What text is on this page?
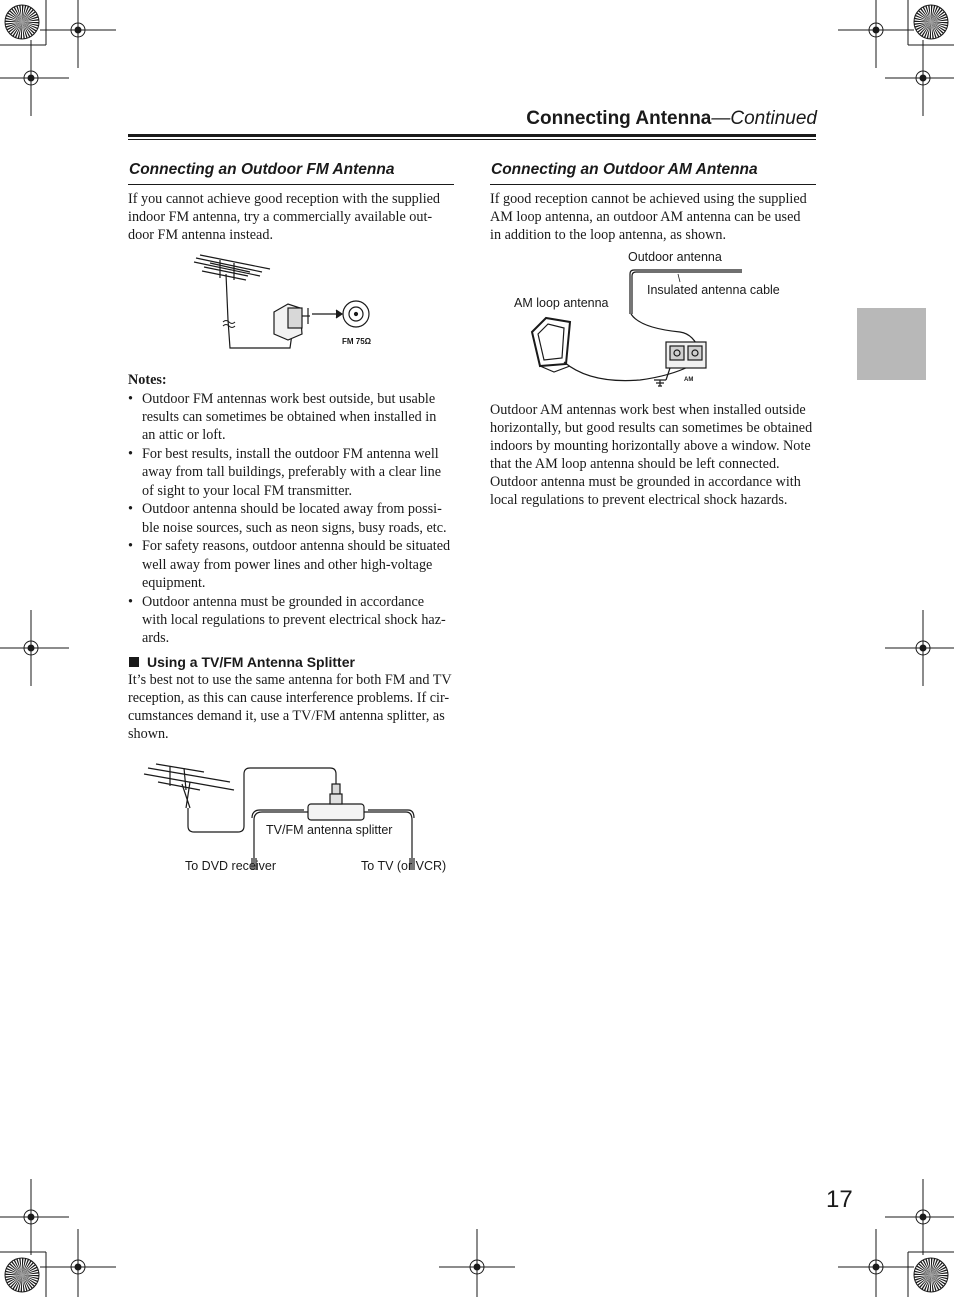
Connecting Antenna—Continued
Connecting an Outdoor FM Antenna

If you cannot achieve good reception with the supplied

indoor FM antenna, try a commercially available out-

door FM antenna instead.

FM 75Ω
Notes:
• Outdoor FM antennas work best outside, but usable
results can sometimes be obtained when installed in
an attic or loft.
• For best results, install the outdoor FM antenna well
away from tall buildings, preferably with a clear line
of sight to your local FM transmitter.
• Outdoor antenna should be located away from possi-
ble noise sources, such as neon signs, busy roads, etc.
• For safety reasons, outdoor antenna should be situated
well away from power lines and other high-voltage
equipment.
• Outdoor antenna must be grounded in accordance
with local regulations to prevent electrical shock haz-
ards.
Using a TV/FM Antenna Splitter

It’s best not to use the same antenna for both FM and TV

reception, as this can cause interference problems. If cir-

cumstances demand it, use a TV/FM antenna splitter, as

shown.

TV/FM antenna splitter
To DVD receiver	To TV (or VCR)
Connecting an Outdoor AM Antenna

If good reception cannot be achieved using the supplied

AM loop antenna, an outdoor AM antenna can be used

in addition to the loop antenna, as shown.

AM
Outdoor antenna
Insulated antenna cable
AM loop antenna

Outdoor AM antennas work best when installed outside

horizontally, but good results can sometimes be obtained

indoors by mounting horizontally above a window. Note

that the AM loop antenna should be left connected.

Outdoor antenna must be grounded in accordance with

local regulations to prevent electrical shock hazards.

17
